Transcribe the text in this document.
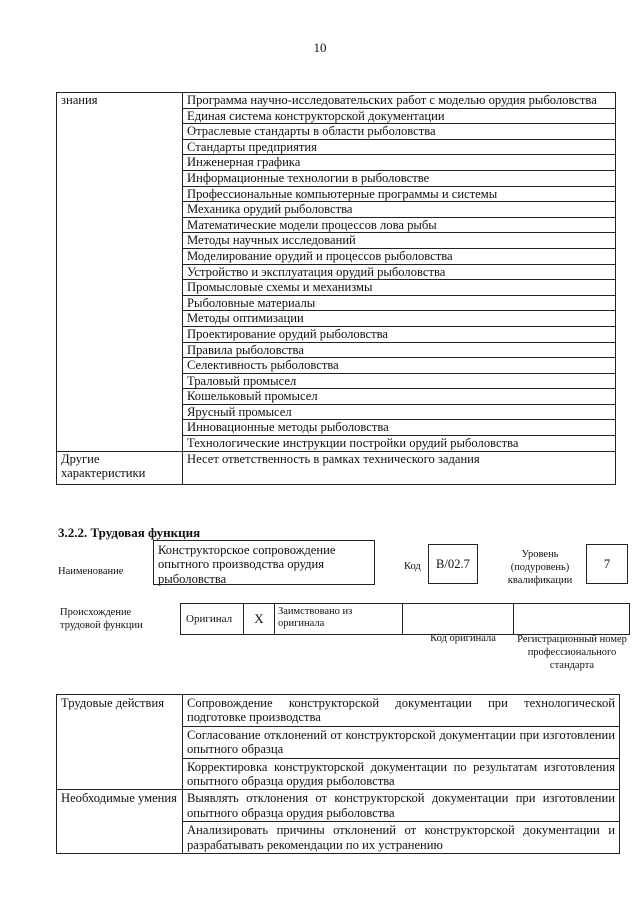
10
знания	Программа научно-исследовательских работ с моделью орудия рыболовства
	Единая система конструкторской документации
	Отраслевые стандарты в области рыболовства
	Стандарты предприятия
	Инженерная графика
	Информационные технологии в рыболовстве
	Профессиональные компьютерные программы и системы
	Механика орудий рыболовства
	Математические модели процессов лова рыбы
	Методы научных исследований
	Моделирование орудий и процессов рыболовства
	Устройство и эксплуатация орудий рыболовства
	Промысловые схемы и механизмы
	Рыболовные материалы
	Методы оптимизации
	Проектирование орудий рыболовства
	Правила рыболовства
	Селективность рыболовства
	Траловый промысел
	Кошельковый промысел
	Ярусный промысел
	Инновационные методы рыболовства
	Технологические инструкции постройки орудий рыболовства
Другие характеристики	Несет ответственность в рамках технического задания
3.2.2. Трудовая функция
Наименование
Конструкторское сопровождение опытного производства орудия рыболовства
Код	В/02.7
Уровень (подуровень) квалификации
7
Происхождение трудовой функции
Оригинал	X	Заимствовано из оригинала
Код оригинала	Регистрационный номер профессионального стандарта
Трудовые действия	Сопровождение конструкторской документации при технологической подготовке производства
	Согласование отклонений от конструкторской документации при изготовлении опытного образца
	Корректировка конструкторской документации по результатам изготовления опытного образца орудия рыболовства
Необходимые умения	Выявлять отклонения от конструкторской документации при изготовлении опытного образца орудия рыболовства
	Анализировать причины отклонений от конструкторской документации и разрабатывать рекомендации по их устранению
